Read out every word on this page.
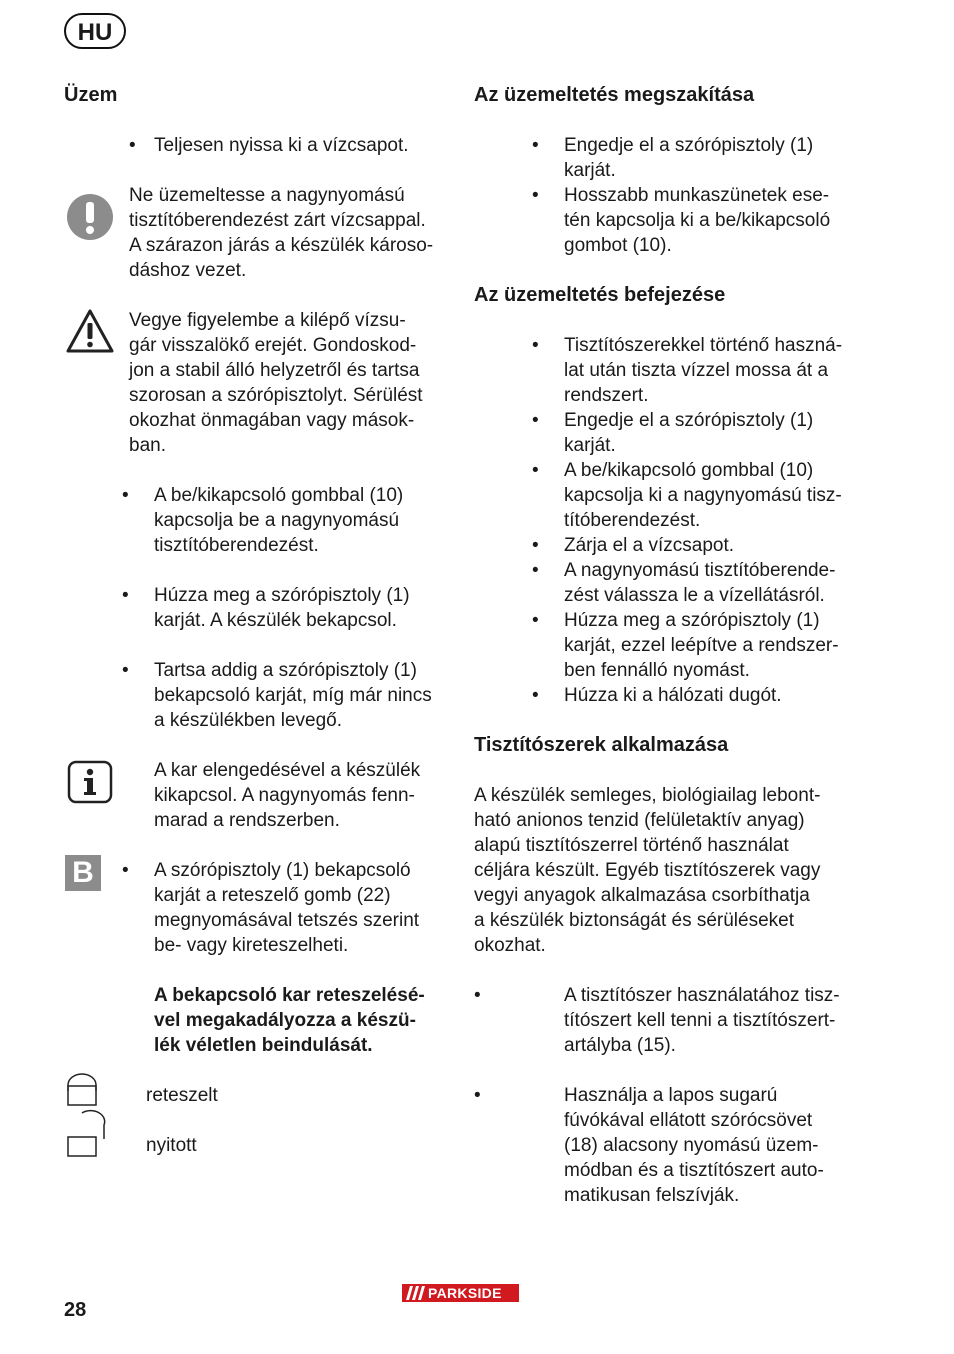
HU
Üzem
• Teljesen nyissa ki a vízcsapot.

Ne üzemeltesse a nagynyomású
tisztítóberendezést zárt vízcsappal.
A szárazon járás a készülék károso-
dáshoz vezet.

Vegye figyelembe a kilépő vízsu-
gár visszalökő erejét. Gondoskod-
jon a stabil álló helyzetről és tartsa
szorosan a szórópisztolyt. Sérülést
okozhat önmagában vagy mások-
ban.

• A be/kikapcsoló gombbal (10)
kapcsolja be a nagynyomású
tisztítóberendezést.

• Húzza meg a szórópisztoly (1)
karját. A készülék bekapcsol.

• Tartsa addig a szórópisztoly (1)
bekapcsoló karját, míg már nincs
a készülékben levegő.

A kar elengedésével a készülék
kikapcsol. A nagynyomás fenn-
marad a rendszerben.

B	• A szórópisztoly (1) bekapcsoló
karját a reteszelő gomb (22)
megnyomásával tetszés szerint
be- vagy kireteszelheti.

A bekapcsoló kar reteszelésé-
vel megakadályozza a készü-
lék véletlen beindulását.

reteszelt

nyitott

Az üzemeltetés megszakítása
• Engedje el a szórópisztoly (1)
karját.

• Hosszabb munkaszünetek ese-
tén kapcsolja ki a be/kikapcsoló
gombot (10).

Az üzemeltetés befejezése
• Tisztítószerekkel történő haszná-
lat után tiszta vízzel mossa át a
rendszert.

• Engedje el a szórópisztoly (1)
karját.

• A be/kikapcsoló gombbal (10)
kapcsolja ki a nagynyomású tisz-
títóberendezést.

• Zárja el a vízcsapot.

• A nagynyomású tisztítóberende-
zést válassza le a vízellátásról.

• Húzza meg a szórópisztoly (1)
karját, ezzel leépítve a rendszer-
ben fennálló nyomást.

• Húzza ki a hálózati dugót.

Tisztítószerek alkalmazása

A készülék semleges, biológiailag lebont-
ható anionos tenzid (felületaktív anyag)
alapú tisztítószerrel történő használat
céljára készült. Egyéb tisztítószerek vagy
vegyi anyagok alkalmazása csorbíthatja
a készülék biztonságát és sérüléseket
okozhat.

•	A tisztítószer használatához tisz-
títószert kell tenni a tisztítószert-
artályba (15).

•	Használja a lapos sugarú
fúvókával ellátott szórócsövet
(18) alacsony nyomású üzem-
módban és a tisztítószert auto-
matikusan felszívják.

28
PARKSIDE
